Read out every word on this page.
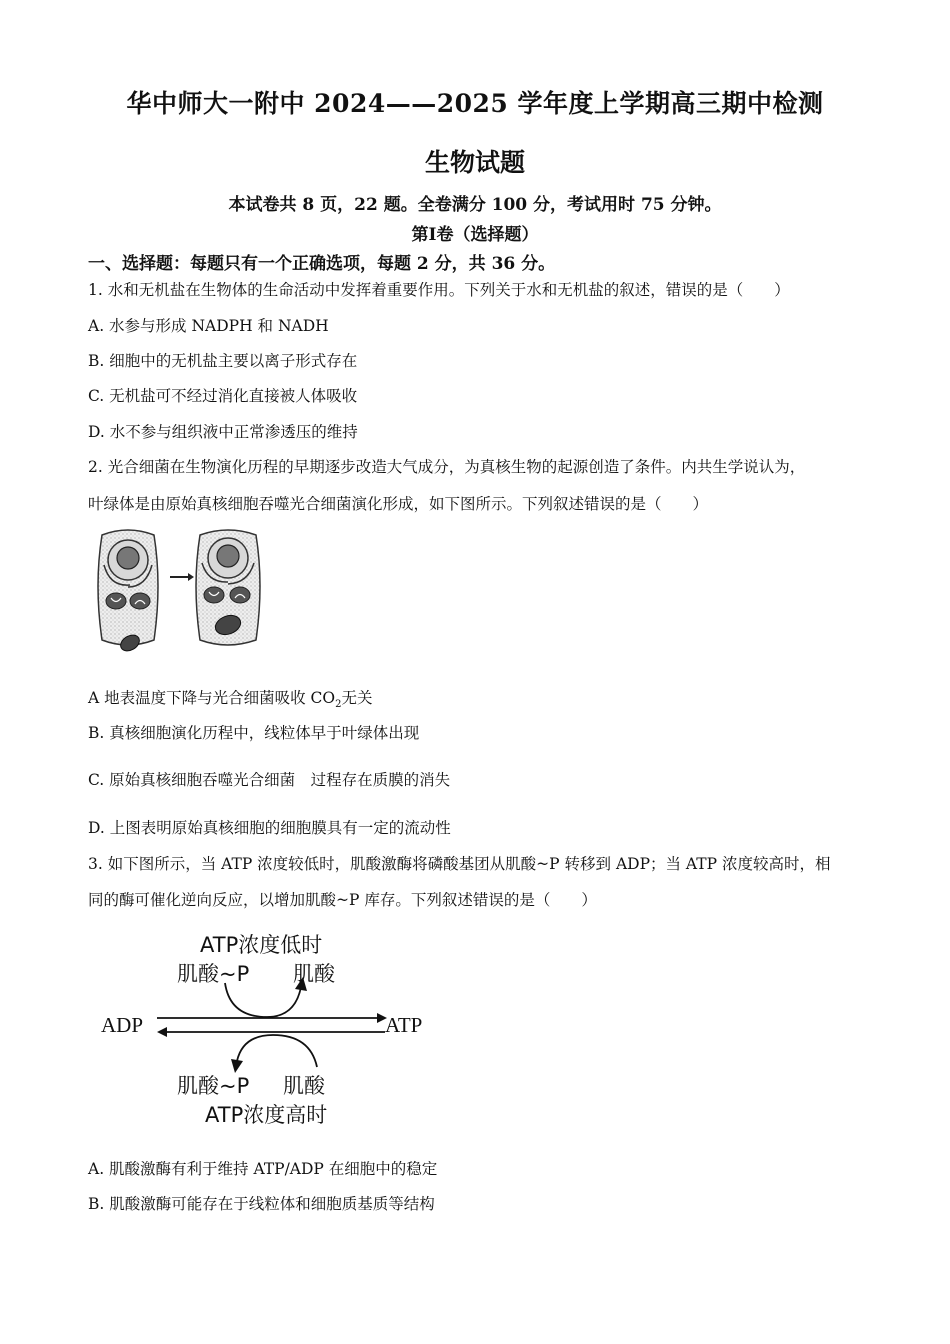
华中师大一附中 2024——2025 学年度上学期高三期中检测
生物试题
本试卷共 8 页，22 题。全卷满分 100 分，考试用时 75 分钟。
第Ⅰ卷（选择题）
一、选择题：每题只有一个正确选项，每题 2 分，共 36 分。
1. 水和无机盐在生物体的生命活动中发挥着重要作用。下列关于水和无机盐的叙述，错误的是（　　）
A. 水参与形成 NADPH 和 NADH
B. 细胞中的无机盐主要以离子形式存在
C. 无机盐可不经过消化直接被人体吸收
D. 水不参与组织液中正常渗透压的维持
2. 光合细菌在生物演化历程的早期逐步改造大气成分，为真核生物的起源创造了条件。内共生学说认为，
叶绿体是由原始真核细胞吞噬光合细菌演化形成，如下图所示。下列叙述错误的是（　　）
A 地表温度下降与光合细菌吸收 $CO_2$无关
B. 真核细胞演化历程中，线粒体早于叶绿体出现
C. 原始真核细胞吞噬光合细菌　过程存在质膜的消失
D. 上图表明原始真核细胞的细胞膜具有一定的流动性
3. 如下图所示，当 ATP 浓度较低时，肌酸激酶将磷酸基团从肌酸~P 转移到 ADP；当 ATP 浓度较高时，相
同的酶可催化逆向反应，以增加肌酸~P 库存。下列叙述错误的是（　　）
ATP浓度低时
肌酸~P 肌酸
ADP	ATP
肌酸~P 肌酸
ATP浓度高时
A. 肌酸激酶有利于维持 ATP/ADP 在细胞中的稳定
B. 肌酸激酶可能存在于线粒体和细胞质基质等结构
